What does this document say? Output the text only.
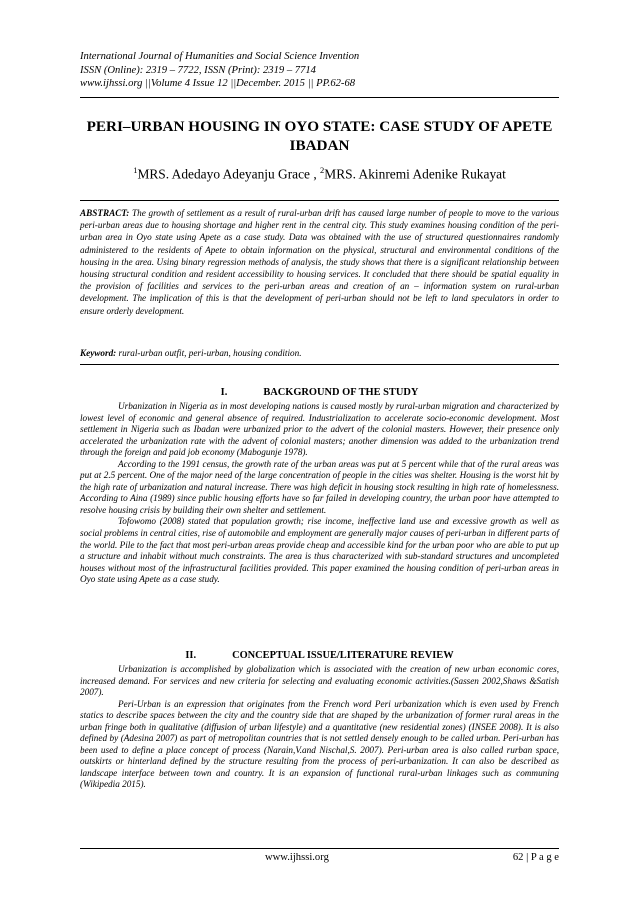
International Journal of Humanities and Social Science Invention
ISSN (Online): 2319 – 7722, ISSN (Print): 2319 – 7714
www.ijhssi.org ||Volume 4 Issue 12 ||December. 2015 || PP.62-68
PERI–URBAN HOUSING IN OYO STATE: CASE STUDY OF APETE IBADAN
$^1$MRS. Adedayo Adeyanju Grace , $^2$MRS. Akinremi Adenike Rukayat
ABSTRACT: The growth of settlement as a result of rural-urban drift has caused large number of people to move to the various peri-urban areas due to housing shortage and higher rent in the central city. This study examines housing condition of the peri-urban area in Oyo state using Apete as a case study. Data was obtained with the use of structured questionnaires randomly administered to the residents of Apete to obtain information on the physical, structural and environmental conditions of the housing in the area. Using binary regression methods of analysis, the study shows that there is a significant relationship between housing structural condition and resident accessibility to housing services. It concluded that there should be spatial equality in the provision of facilities and services to the peri-urban areas and creation of an – information system on rural-urban development. The implication of this is that the development of peri-urban should not be left to land speculators in order to ensure orderly development.
Keyword: rural-urban outfit, peri-urban, housing condition.
I.	BACKGROUND OF THE STUDY

Urbanization in Nigeria as in most developing nations is caused mostly by rural-urban migration and characterized by lowest level of economic and general absence of required. Industrialization to accelerate socio-economic development. Most settlement in Nigeria such as Ibadan were urbanized prior to the advert of the colonial masters. However, their presence only accelerated the urbanization rate with the advent of colonial masters; another dimension was added to the urbanization trend through the foreign and paid job economy (Mabogunje 1978).

According to the 1991 census, the growth rate of the urban areas was put at 5 percent while that of the rural areas was put at 2.5 percent. One of the major need of the large concentration of people in the cities was shelter. Housing is the worst hit by the high rate of urbanization and natural increase. There was high deficit in housing stock resulting in high rate of homelessness. According to Aina (1989) since public housing efforts have so far failed in developing country, the urban poor have attempted to resolve housing crisis by building their own shelter and settlement.

Tofowomo (2008) stated that population growth; rise income, ineffective land use and excessive growth as well as social problems in central cities, rise of automobile and employment are generally major causes of peri-urban in different parts of the world. Pile to the fact that most peri-urban areas provide cheap and accessible kind for the urban poor who are able to put up a structure and inhabit without much constraints. The area is thus characterized with sub-standard structures and uncompleted houses without most of the infrastructural facilities provided. This paper examined the housing condition of peri-urban areas in Oyo state using Apete as a case study.

II.	CONCEPTUAL ISSUE/LITERATURE REVIEW

Urbanization is accomplished by globalization which is associated with the creation of new urban economic cores, increased demand. For services and new criteria for selecting and evaluating economic activities.(Sassen 2002,Shaws &Satish 2007).

Peri-Urban is an expression that originates from the French word Peri urbanization which is even used by French statics to describe spaces between the city and the country side that are shaped by the urbanization of former rural areas in the urban fringe both in qualitative (diffusion of urban lifestyle) and a quantitative (new residential zones) (INSEE 2008). It is also defined by (Adesina 2007) as part of metropolitan countries that is not settled densely enough to be called urban. Peri-urban has been used to define a place concept of process (Narain,V.and Nischal,S. 2007). Peri-urban area is also called rurban space, outskirts or hinterland defined by the structure resulting from the process of peri-urbanization. It can also be described as landscape interface between town and country. It is an expansion of functional rural-urban linkages such as communing (Wikipedia 2015).

www.ijhssi.org	62 | P a g e
